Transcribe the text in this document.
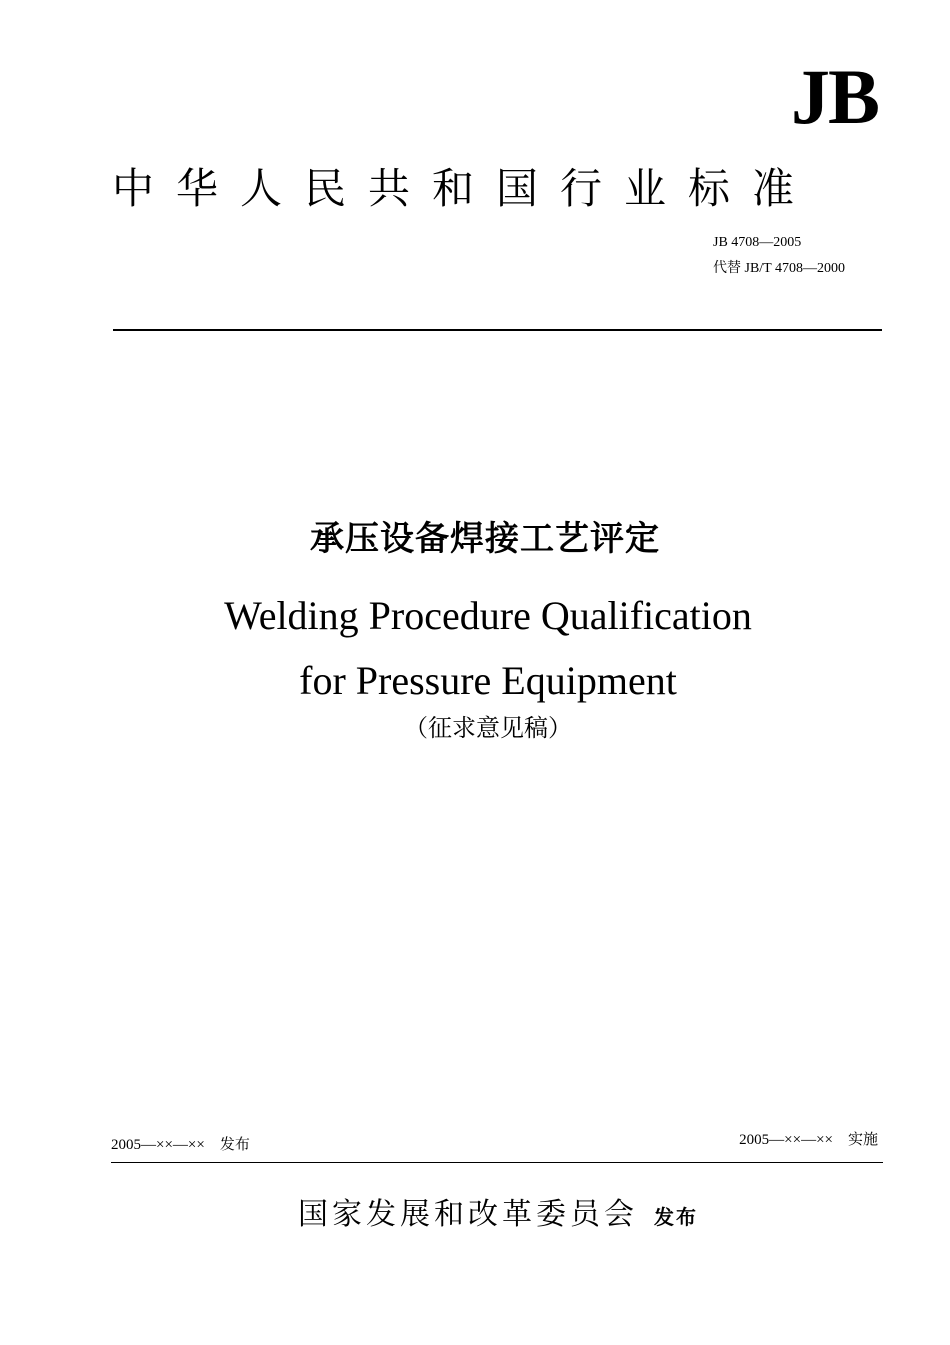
JB
中华人民共和国行业标准
JB 4708—2005
代替 JB/T 4708—2000
承压设备焊接工艺评定
Welding Procedure Qualification
for Pressure Equipment
（征求意见稿）
2005—××—××　发布	2005—××—××　实施
国家发展和改革委员会 发布
